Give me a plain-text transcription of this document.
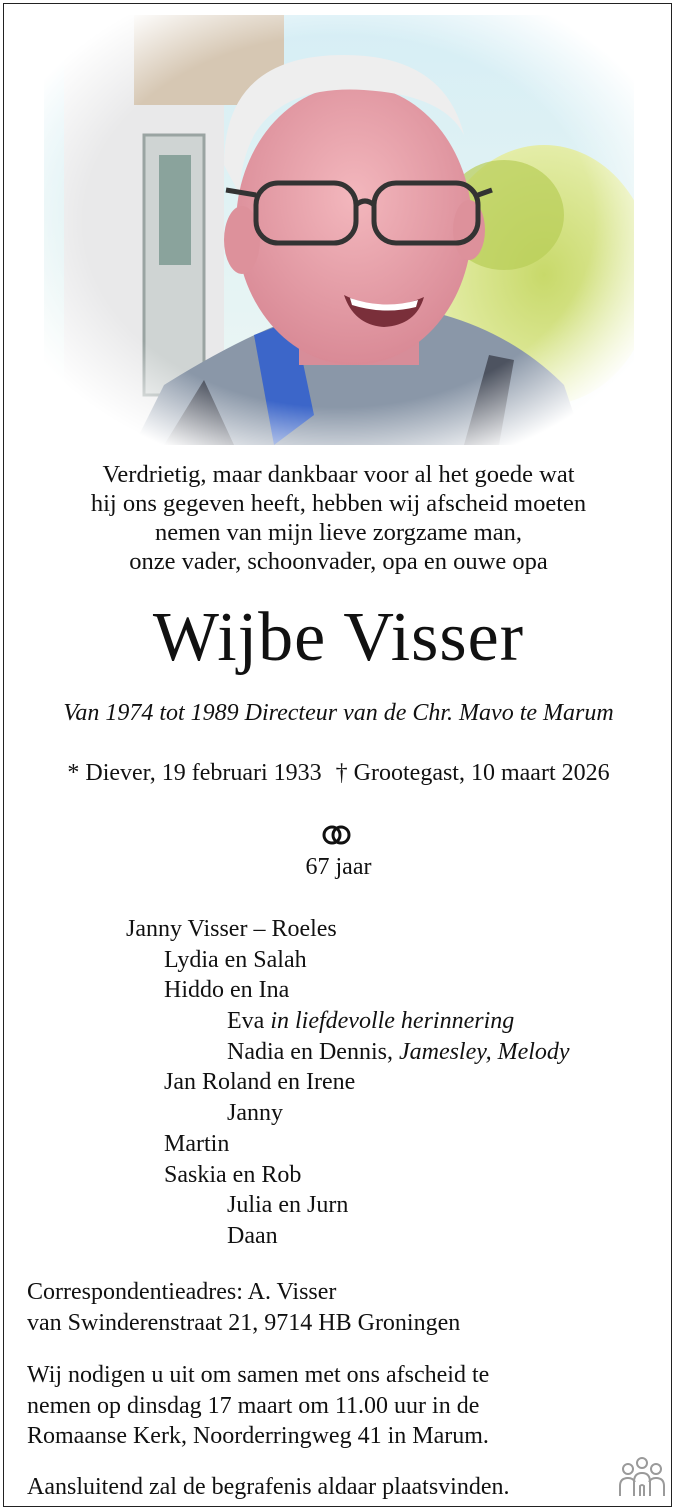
Verdrietig, maar dankbaar voor al het goede wat
hij ons gegeven heeft, hebben wij afscheid moeten
nemen van mijn lieve zorgzame man,
onze vader, schoonvader, opa en ouwe opa
Wijbe Visser
Van 1974 tot 1989 Directeur van de Chr. Mavo te Marum
* Diever, 19 februari 1933 † Grootegast, 10 maart 2026
67 jaar
Janny Visser – Roeles
Lydia en Salah
Hiddo en Ina
Eva in liefdevolle herinnering
Nadia en Dennis, Jamesley, Melody
Jan Roland en Irene
Janny
Martin
Saskia en Rob
Julia en Jurn
Daan
Correspondentieadres: A. Visser
van Swinderenstraat 21, 9714 HB Groningen
Wij nodigen u uit om samen met ons afscheid te
nemen op dinsdag 17 maart om 11.00 uur in de
Romaanse Kerk, Noorderringweg 41 in Marum.
Aansluitend zal de begrafenis aldaar plaatsvinden.
